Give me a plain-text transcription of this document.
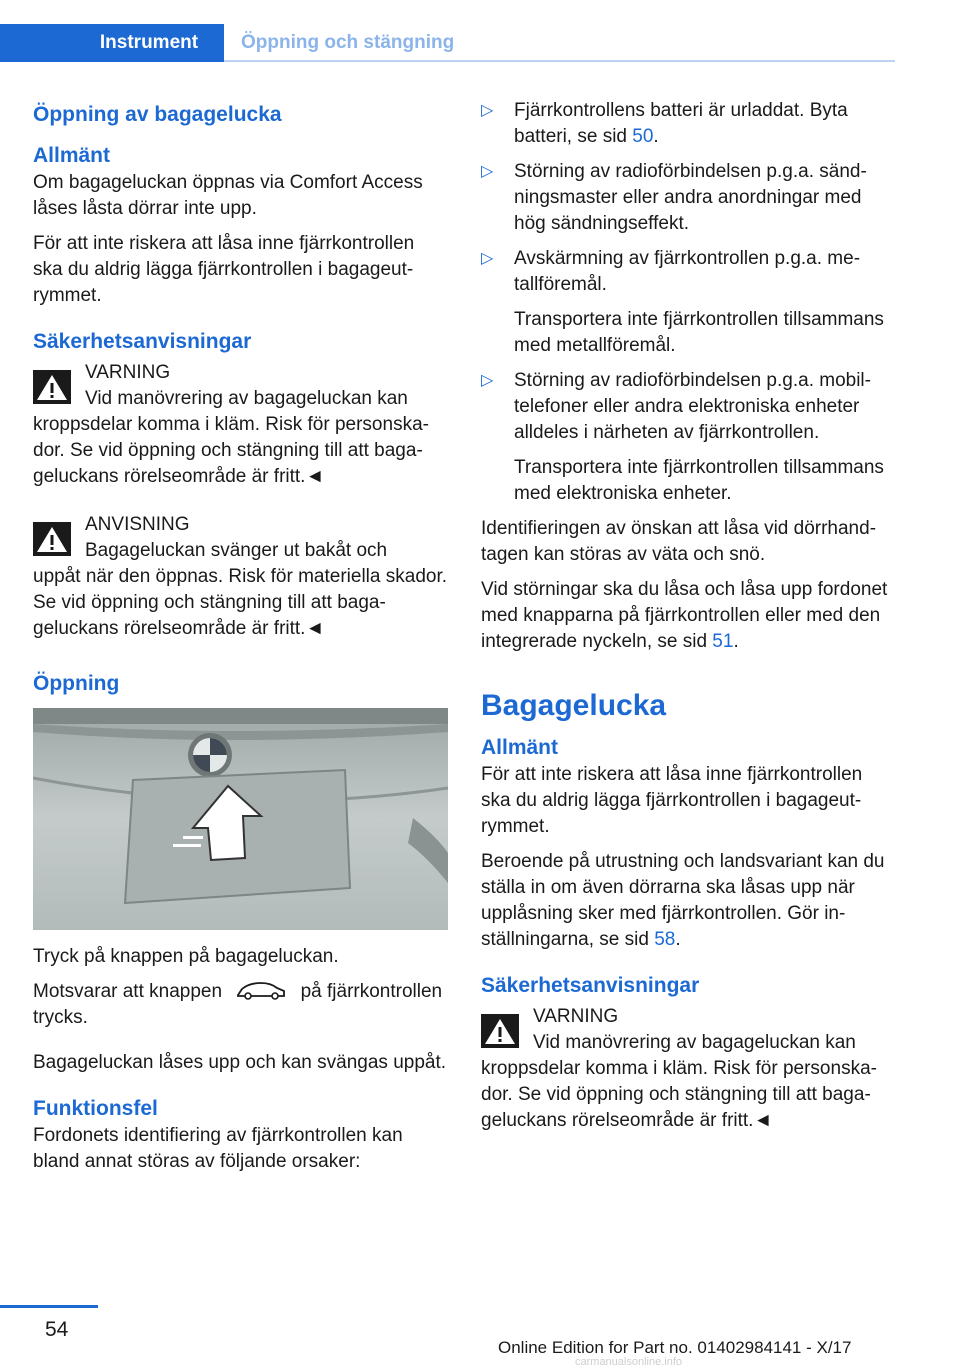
Instrument	Öppning och stängning
Öppning av bagagelucka
Allmänt

Om bagageluckan öppnas via Comfort Access låses låsta dörrar inte upp.

För att inte riskera att låsa inne fjärrkontrollen ska du aldrig lägga fjärrkontrollen i bagageutrymmet.

Säkerhetsanvisningar

VARNING

Vid manövrering av bagageluckan kan

kroppsdelar komma i kläm. Risk för personskador. Se vid öppning och stängning till att bagageluckans rörelseområde är fritt.◄

ANVISNING

Bagageluckan svänger ut bakåt och

uppåt när den öppnas. Risk för materiella skador. Se vid öppning och stängning till att bagageluckans rörelseområde är fritt.◄

Öppning

Tryck på knappen på bagageluckan.

Motsvarar att knappen	på fjärrkontrollen trycks.

Bagageluckan låses upp och kan svängas uppåt.

Funktionsfel

Fordonets identifiering av fjärrkontrollen kan bland annat störas av följande orsaker:

▷ Fjärrkontrollens batteri är urladdat. Byta batteri, se sid 50.
▷ Störning av radioförbindelsen p.g.a. sändningsmaster eller andra anordningar med hög sändningseffekt.
▷ Avskärmning av fjärrkontrollen p.g.a. metallföremål.
Transportera inte fjärrkontrollen tillsammans med metallföremål.
▷ Störning av radioförbindelsen p.g.a. mobiltelefoner eller andra elektroniska enheter alldeles i närheten av fjärrkontrollen.
Transportera inte fjärrkontrollen tillsammans med elektroniska enheter.

Identifieringen av önskan att låsa vid dörrhandtagen kan störas av väta och snö.

Vid störningar ska du låsa och låsa upp fordonet med knapparna på fjärrkontrollen eller med den integrerade nyckeln, se sid 51.

Bagagelucka
Allmänt

För att inte riskera att låsa inne fjärrkontrollen ska du aldrig lägga fjärrkontrollen i bagageutrymmet.

Beroende på utrustning och landsvariant kan du ställa in om även dörrarna ska låsas upp när upplåsning sker med fjärrkontrollen. Gör inställningarna, se sid 58.

Säkerhetsanvisningar

VARNING

Vid manövrering av bagageluckan kan

kroppsdelar komma i kläm. Risk för personskador. Se vid öppning och stängning till att bagageluckans rörelseområde är fritt.◄

54
Online Edition for Part no. 01402984141 - X/17
carmanualsonline.info
